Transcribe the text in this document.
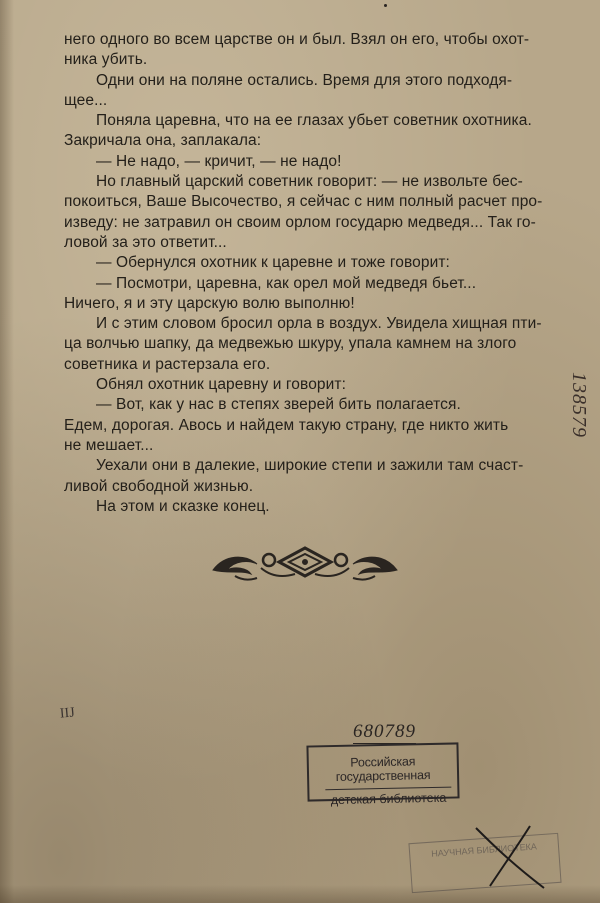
него одного во всем царстве он и был. Взял он его, чтобы охот-
ника убить.
Одни они на поляне остались. Время для этого подходя-
щее...
Поняла царевна, что на ее глазах убьет советник охотника.
Закричала она, заплакала:
— Не надо, — кричит, — не надо!
Но главный царский советник говорит: — не извольте бес-
покоиться, Ваше Высочество, я сейчас с ним полный расчет про-
изведу: не затравил он своим орлом государю медведя... Так го-
ловой за это ответит...
— Обернулся охотник к царевне и тоже говорит:
— Посмотри, царевна, как орел мой медведя бьет...
Ничего, я и эту царскую волю выполню!
И с этим словом бросил орла в воздух. Увидела хищная пти-
ца волчью шапку, да медвежью шкуру, упала камнем на злого
советника и растерзала его.
Обнял охотник царевну и говорит:
— Вот, как у нас в степях зверей бить полагается.
Едем, дорогая. Авось и найдем такую страну, где никто жить
не мешает...
Уехали они в далекие, широкие степи и зажили там счаст-
ливой свободной жизнью.
На этом и сказке конец.
138579
IIJ
680789
Российская государственная
детская библиотека
НАУЧНАЯ БИБЛИОТЕКА
